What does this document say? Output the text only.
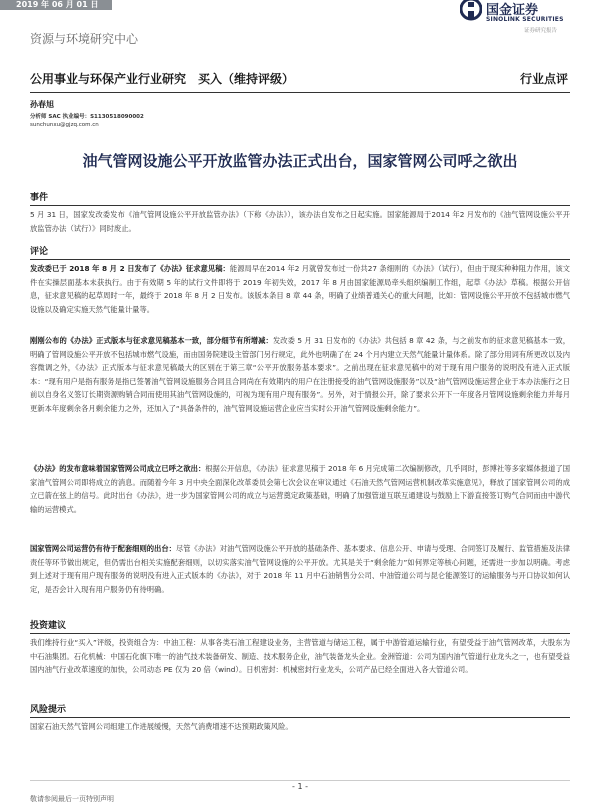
2019 年 06 月 01 日	国金证券
SINOLINK SECURITIES
证券研究报告
资源与环境研究中心
公用事业与环保产业行业研究　买入（维持评级）	行业点评
孙春旭
分析师 SAC 执业编号：S1130518090002
sunchunxu@gjzq.com.cn
油气管网设施公平开放监管办法正式出台，国家管网公司呼之欲出
事件
5 月 31 日，国家发改委发布《油气管网设施公平开放监管办法》（下称《办法》），该办法自发布之日起实施。国家能源局于2014 年2 月发布的《油气管网设施公平开放监管办法（试行）》同时废止。
评论
发改委已于 2018 年 8 月 2 日发布了《办法》征求意见稿：能源局早在2014 年2 月就曾发布过一份共27 条细则的《办法》（试行），但由于现实种种阻力作用，该文件在实操层面基本未获执行。由于有效期 5 年的试行文件即将于 2019 年初失效，2017 年 8 月由国家能源局牵头组织编制工作组，起草《办法》草稿。根据公开信息，征求意见稿的起草周时一年，最终于 2018 年 8 月 2 日发布。该版本条目 8 章 44 条，明确了业绩普通关心的重大问题，比如：管网设施公平开放不包括城市燃气设施以及确定实施天然气能量计量等。
刚刚公布的《办法》正式版本与征求意见稿基本一致，部分细节有所增减：发改委 5 月 31 日发布的《办法》共包括 8 章 42 条，与之前发布的征求意见稿基本一致，明确了管网设施公平开放不包括城市燃气设施，而由国务院建设主管部门另行规定，此外也明确了在 24 个月内建立天然气能量计量体系。除了部分用词有所更改以及内容微调之外，《办法》正式版本与征求意见稿最大的区别在于第三章“公平开放服务基本要求”。之前出现在征求意见稿中的对于现有用户服务的说明没有进入正式版本：“现有用户是指有服务是指已签署油气管网设施服务合同且合同尚在有效期内的用户在注册接受的油气管网设施服务”以及“油气管网设施运营企业于本办法施行之日前以自身名义签订长期资源购销合同而使用其油气管网设施的，可视为现有用户现有服务”。另外，对于情报公开，除了要求公开下一年度各月管网设施剩余能力并每月更新本年度剩余各月剩余能力之外，还加入了“具备条件的，油气管网设施运营企业应当实时公开油气管网设施剩余能力”。
《办法》的发布意味着国家管网公司成立已呼之欲出：根据公开信息，《办法》征求意见稿于 2018 年 6 月完成第二次编制修改，几乎同时，彭博社等多家媒体报道了国家油气管网公司即将成立的消息。而随着今年 3 月中央全面深化改革委员会第七次会议在审议通过《石油天然气管网运营机制改革实施意见》，释放了国家管网公司的成立已箭在弦上的信号。此时出台《办法》，进一步为国家管网公司的成立与运营奠定政策基础，明确了加强管道互联互通建设与鼓励上下游直接签订购气合同而由中游代输的运营模式。
国家管网公司运营仍有待于配套细则的出台：尽管《办法》对油气管网设施公平开放的基础条件、基本要求、信息公开、申请与受理、合同签订及履行、监管措施及法律责任等环节做出规定，但仍需出台相关实施配套细则，以切实落实油气管网设施的公平开放。尤其是关于“剩余能力”如何界定等核心问题，还需进一步加以明确。考虑到上述对于现有用户现有服务的说明没有进入正式版本的《办法》，对于 2018 年 11 月中石油销售分公司、中油管道公司与昆仑能源签订的运输服务与开口协议如何认定，是否会计入现有用户服务仍有待明确。
投资建议
我们维持行业“买入”评级，投资组合为：中油工程：从事各类石油工程建设业务，主营管道与储运工程，属于中游管道运输行业，有望受益于油气管网改革，大股东为中石油集团。石化机械：中国石化旗下唯一的油气技术装备研发、制造、技术服务企业，油气装备龙头企业。金洲管道：公司为国内油气管道行业龙头之一，也有望受益国内油气行业改革速度的加快，公司动态 PE 仅为 20 倍（wind）。日机密封：机械密封行业龙头，公司产品已经全面进入各大管道公司。
风险提示
国家石油天然气管网公司组建工作进展缓慢，天然气消费增速不达预期政策风险。
- 1 -
敬请参阅最后一页特别声明
